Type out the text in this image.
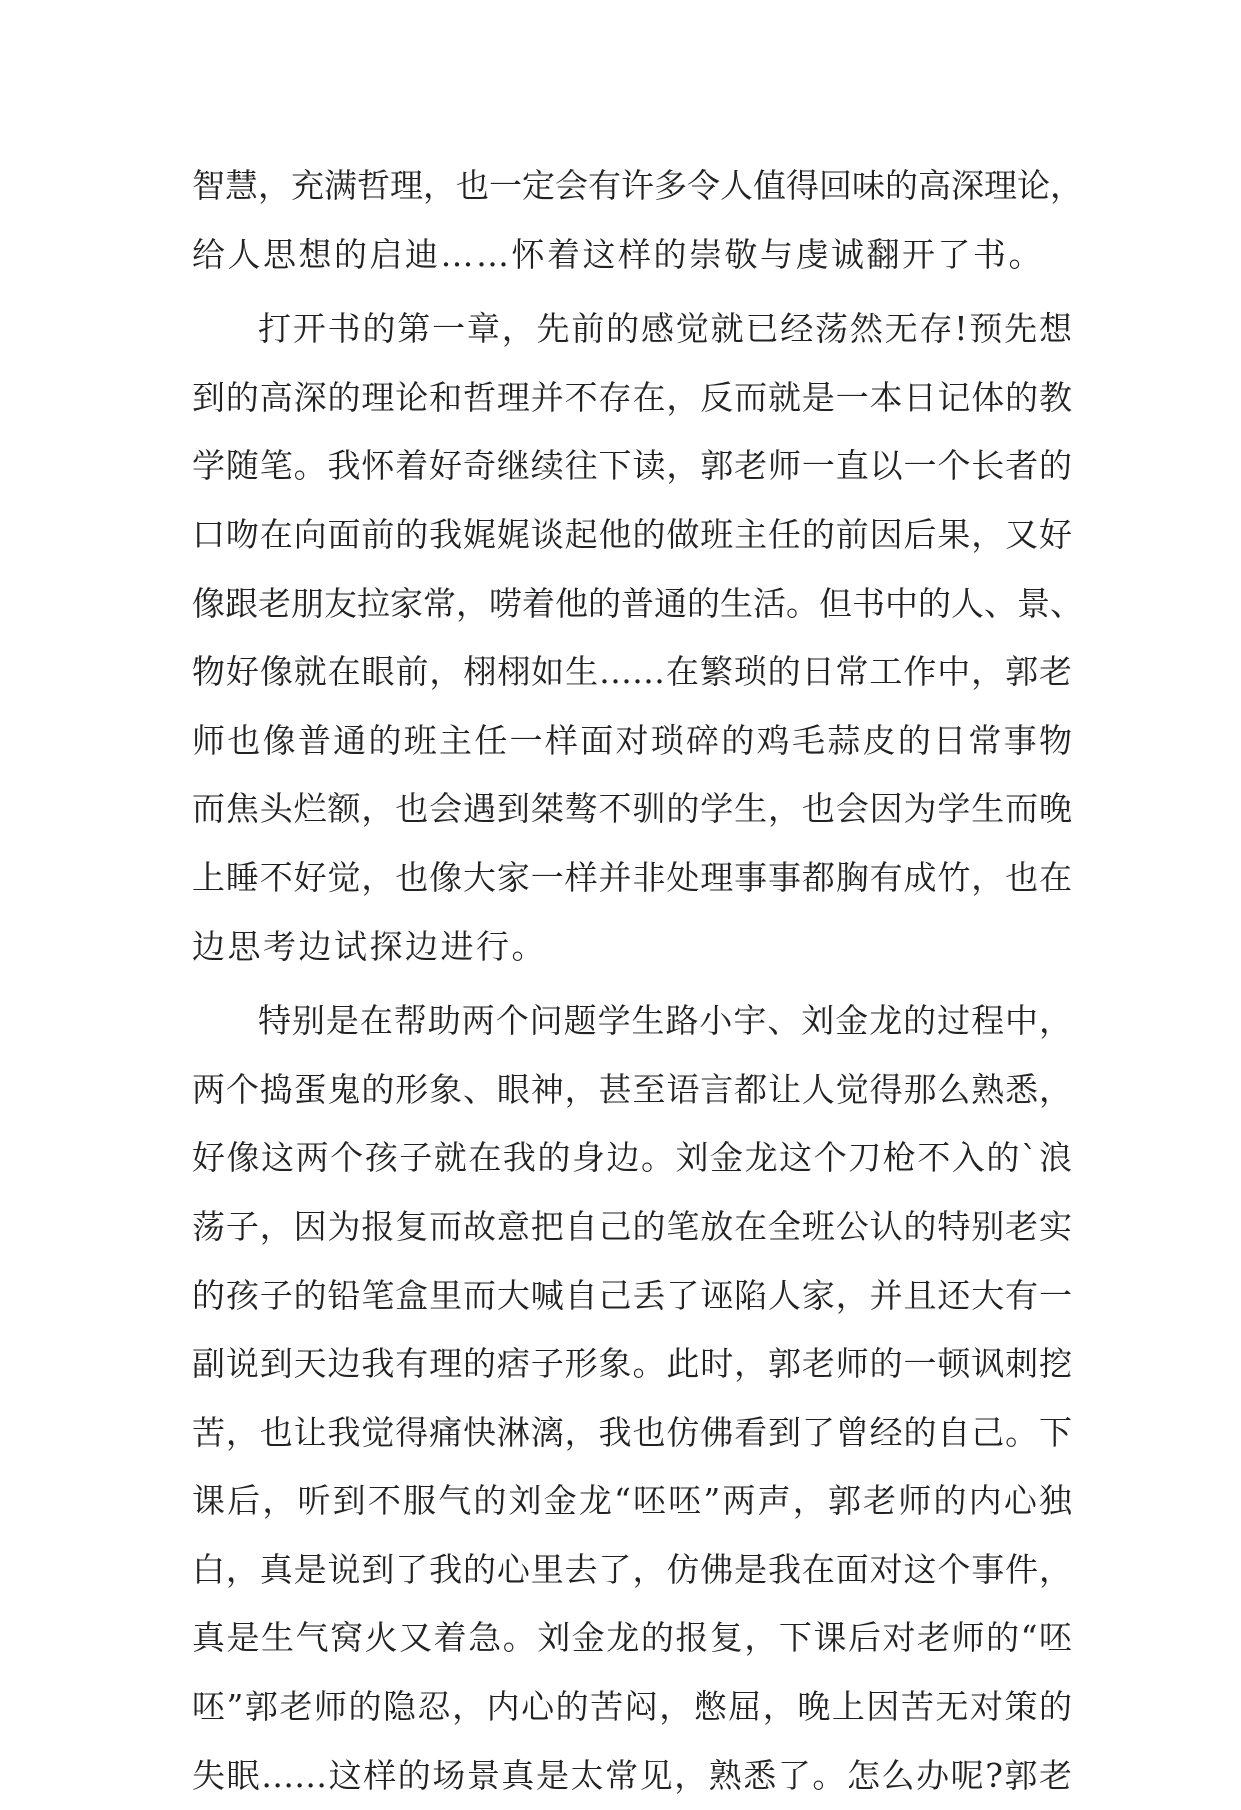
智慧，充满哲理，也一定会有许多令人值得回味的高深理论，
给人思想的启迪……怀着这样的崇敬与虔诚翻开了书。
打开书的第一章，先前的感觉就已经荡然无存!预先想
到的高深的理论和哲理并不存在，反而就是一本日记体的教
学随笔。我怀着好奇继续往下读，郭老师一直以一个长者的
口吻在向面前的我娓娓谈起他的做班主任的前因后果，又好
像跟老朋友拉家常，唠着他的普通的生活。但书中的人、景、
物好像就在眼前，栩栩如生……在繁琐的日常工作中，郭老
师也像普通的班主任一样面对琐碎的鸡毛蒜皮的日常事物
而焦头烂额，也会遇到桀骜不驯的学生，也会因为学生而晚
上睡不好觉，也像大家一样并非处理事事都胸有成竹，也在
边思考边试探边进行。
特别是在帮助两个问题学生路小宇、刘金龙的过程中，
两个捣蛋鬼的形象、眼神，甚至语言都让人觉得那么熟悉，
好像这两个孩子就在我的身边。刘金龙这个刀枪不入的`浪
荡子，因为报复而故意把自己的笔放在全班公认的特别老实
的孩子的铅笔盒里而大喊自己丢了诬陷人家，并且还大有一
副说到天边我有理的痞子形象。此时，郭老师的一顿讽刺挖
苦，也让我觉得痛快淋漓，我也仿佛看到了曾经的自己。下
课后，听到不服气的刘金龙“呸呸”两声，郭老师的内心独
白，真是说到了我的心里去了，仿佛是我在面对这个事件，
真是生气窝火又着急。刘金龙的报复，下课后对老师的“呸
呸”郭老师的隐忍，内心的苦闷，憋屈，晚上因苦无对策的
失眠……这样的场景真是太常见，熟悉了。怎么办呢?郭老
